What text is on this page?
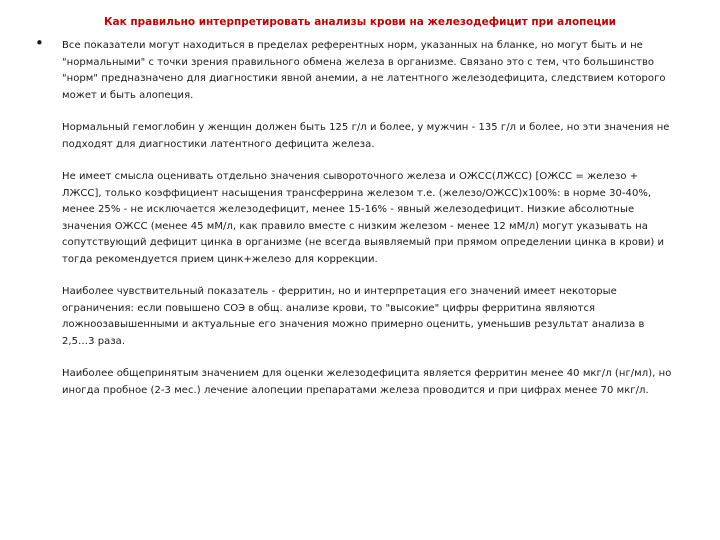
Как правильно интерпретировать анализы крови на железодефицит при алопеции
• Все показатели могут находиться в пределах референтных норм, указанных на бланке, но могут быть и не "нормальными" с точки зрения правильного обмена железа в организме. Связано это с тем, что большинство "норм" предназначено для диагностики явной анемии, а не латентного железодефицита, следствием которого может и быть алопеция.

Нормальный гемоглобин у женщин должен быть 125 г/л и более, у мужчин - 135 г/л и более, но эти значения не подходят для диагностики латентного дефицита железа.

Не имеет смысла оценивать отдельно значения сывороточного железа и ОЖСС(ЛЖСС) [ОЖСС = железо + ЛЖСС], только коэффициент насыщения трансферрина железом т.е. (железо/ОЖСС)х100%: в норме 30-40%, менее 25% - не исключается железодефицит, менее 15-16% - явный железодефицит. Низкие абсолютные значения ОЖСС (менее 45 мМ/л, как правило вместе с низким железом - менее 12 мМ/л) могут указывать на сопутствующий дефицит цинка в организме (не всегда выявляемый при прямом определении цинка в крови) и тогда рекомендуется прием цинк+железо для коррекции.

Наиболее чувствительный показатель - ферритин, но и интерпретация его значений имеет некоторые ограничения: если повышено СОЭ в общ. анализе крови, то "высокие" цифры ферритина являются ложноозавышенными и актуальные его значения можно примерно оценить, уменьшив результат анализа в 2,5…3 раза.

Наиболее общепринятым значением для оценки железодефицита является ферритин менее 40 мкг/л (нг/мл), но иногда пробное (2-3 мес.) лечение алопеции препаратами железа проводится и при цифрах менее 70 мкг/л.
